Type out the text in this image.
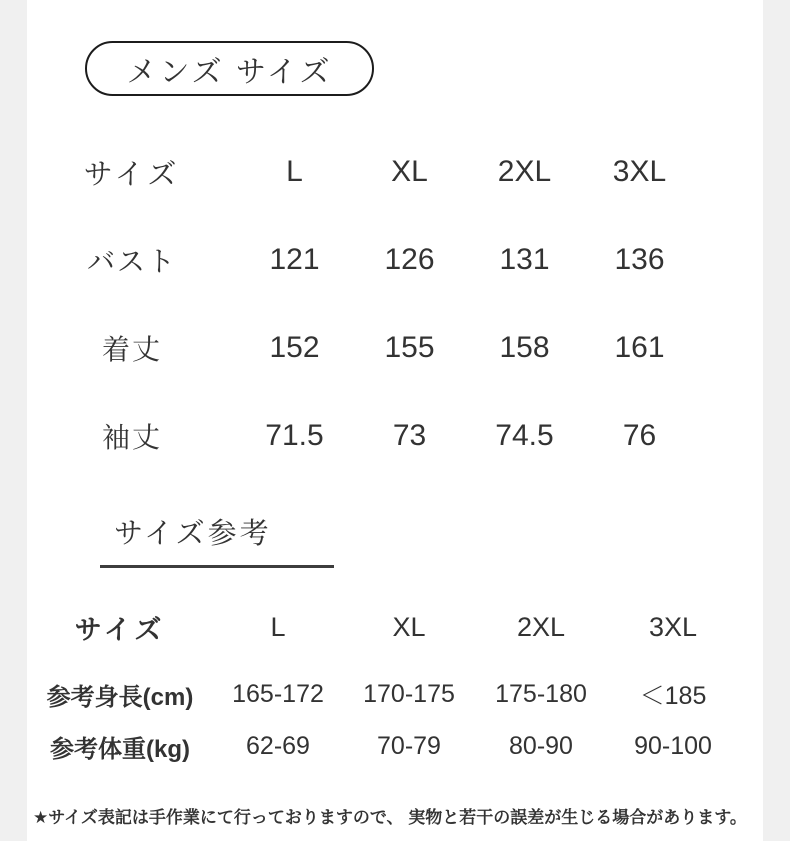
メンズ サイズ
サイズ	L	XL	2XL	3XL
バスト	121	126	131	136
着丈	152	155	158	161
袖丈	71.5	73	74.5	76
サイズ参考
サイズ	L	XL	2XL	3XL
参考身長(cm)	165-172	170-175	175-180	＜185
参考体重(kg)	62-69	70-79	80-90	90-100
★サイズ表記は手作業にて行っておりますので、 実物と若干の誤差が生じる場合があります。
